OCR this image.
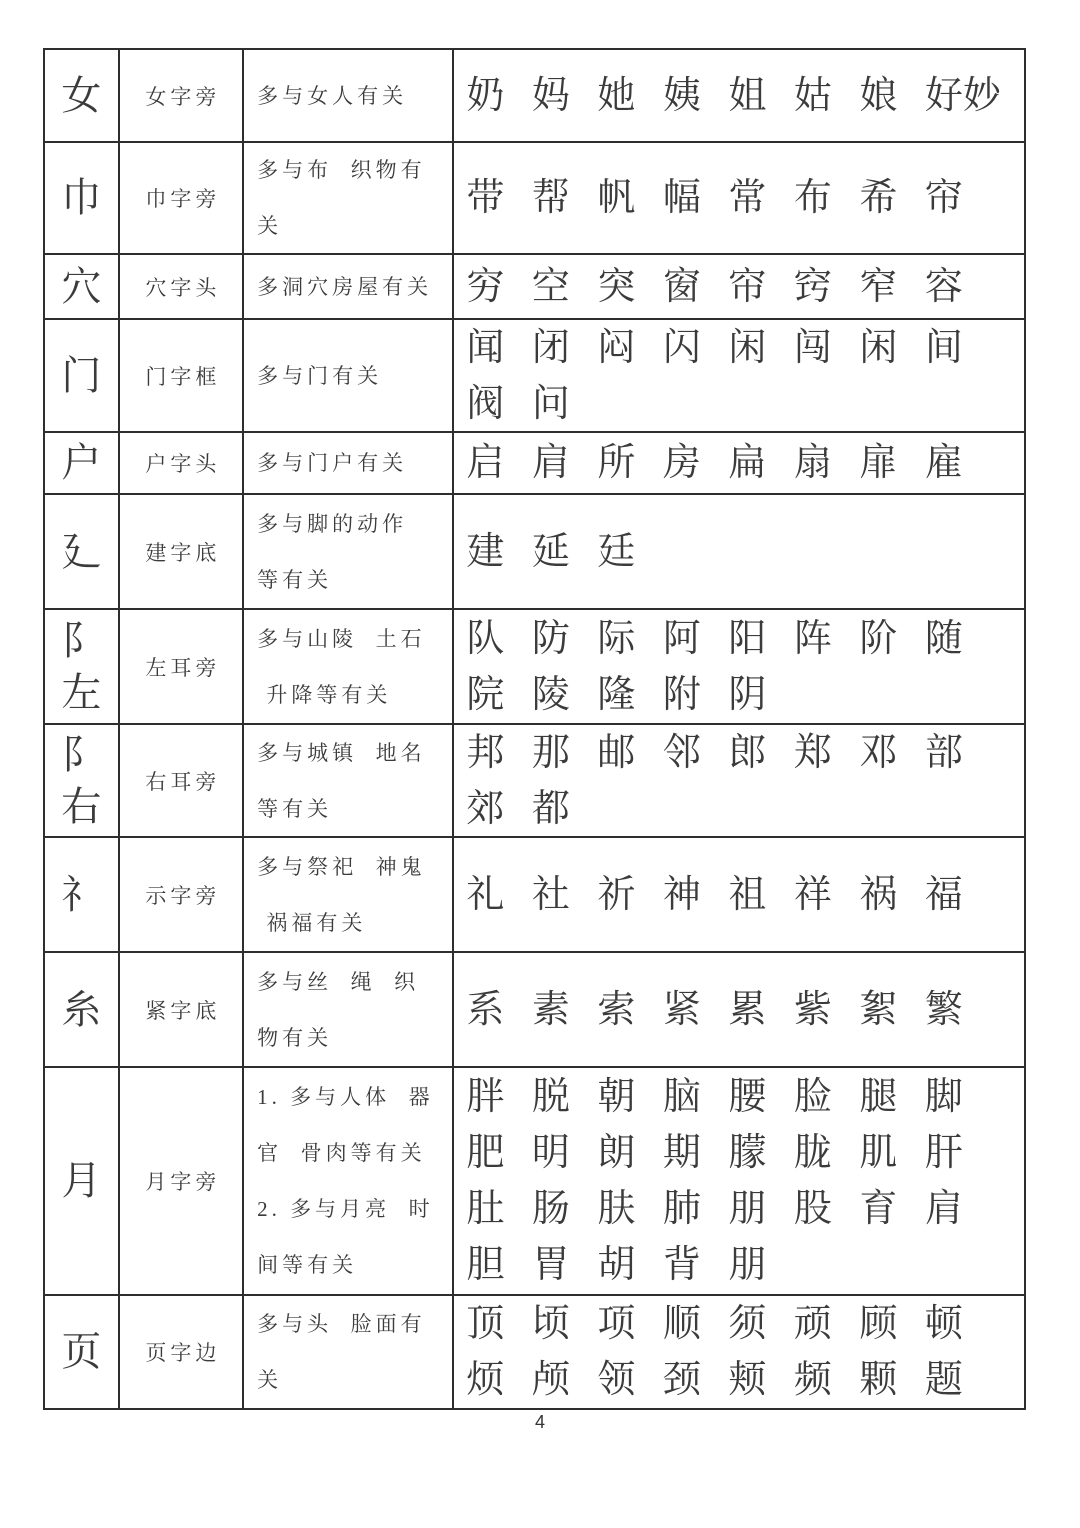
女 女字旁 多与女人有关	奶 妈 她 姨 姐 姑 娘 好妙
巾 巾字旁
多与布  织物有
关
带 帮 帆 幅 常 布 希 帘
穴 穴字头 多洞穴房屋有关 穷 空 突 窗 帘 窍 窄 容
门 门字框 多与门有关
闻 闭 闷 闪 闲 闯 闲 间
阀 问
户 户字头 多与门户有关	启 肩 所 房 扁 扇 扉 雇
廴 建字底
多与脚的动作
等有关
建 延 廷
阝
左
左耳旁
多与山陵  土石
升降等有关
队 防 际 阿 阳 阵 阶 随
院 陵 隆 附 阴
阝
右
右耳旁
多与城镇  地名
等有关
邦 那 邮 邻 郎 郑 邓 部
郊 都
礻 示字旁
多与祭祀  神鬼
祸福有关
礼 社 祈 神 祖 祥 祸 福
糸 紧字底
多与丝  绳  织
物有关
系 素 索 紧 累 紫 絮 繁
月 月字旁
1. 多与人体  器
官  骨肉等有关
2. 多与月亮  时
间等有关
胖 脱 朝 脑 腰 脸 腿 脚
肥 明 朗 期 朦 胧 肌 肝
肚 肠 肤 肺 朋 股 育 肩
胆 胃 胡 背 朋
页 页字边
多与头  脸面有
关
顶 顷 项 顺 须 顽 顾 顿
烦 颅 领 颈 颊 频 颗 题
4
